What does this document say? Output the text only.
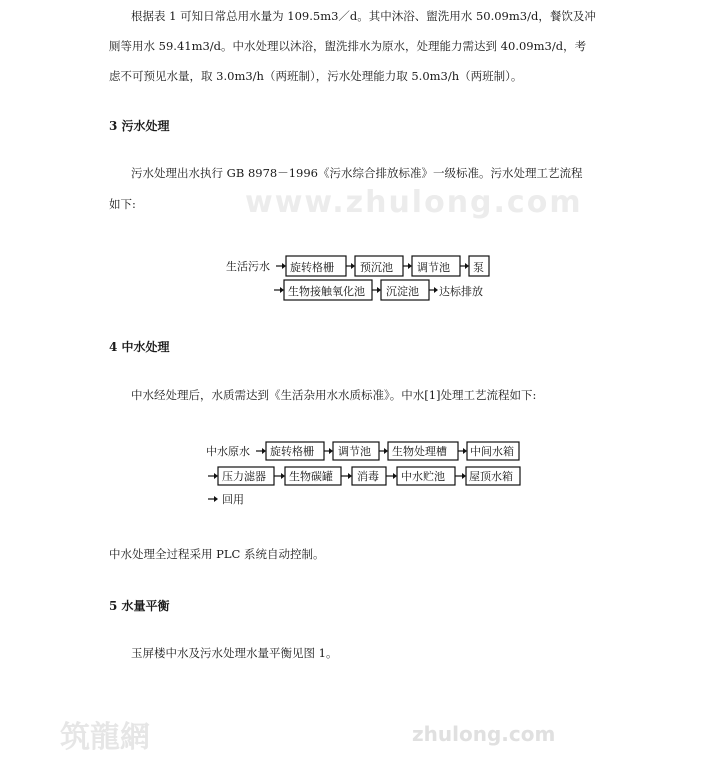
www.zhulong.com
筑龍網	zhulong.com
根据表 1 可知日常总用水量为 109.5m3／d。其中沐浴、盥洗用水 50.09m3/d，餐饮及冲
厕等用水 59.41m3/d。中水处理以沐浴，盥洗排水为原水，处理能力需达到 40.09m3/d，考
虑不可预见水量，取 3.0m3/h（两班制），污水处理能力取 5.0m3/h（两班制）。
3 污水处理
污水处理出水执行 GB 8978－1996《污水综合排放标准》一级标准。污水处理工艺流程
如下:
生活污水 旋转格栅 预沉池 调节池 泵
生物接触氧化池 沉淀池 达标排放
4 中水处理
中水经处理后，水质需达到《生活杂用水水质标准》。中水[1]处理工艺流程如下:
中水原水 旋转格栅 调节池 生物处理槽 中间水箱
压力滤器 生物碳罐 消毒 中水贮池 屋顶水箱
回用
中水处理全过程采用 PLC 系统自动控制。
5 水量平衡
玉屏楼中水及污水处理水量平衡见图 1。
